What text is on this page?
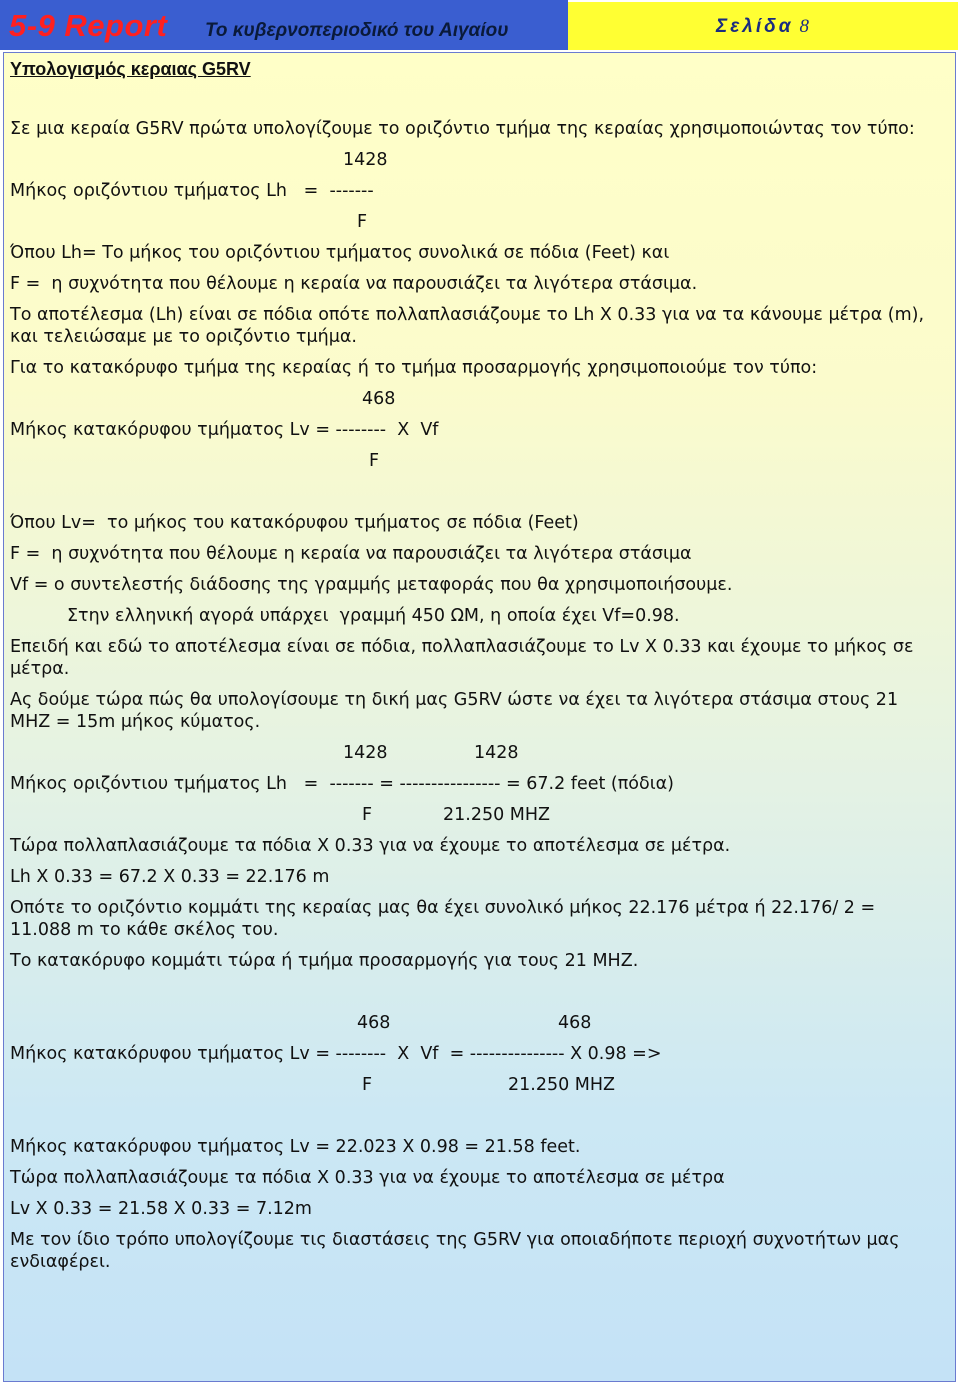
5-9 Report Το κυβερνοπεριοδικό του Αιγαίου	Σελίδα 8
Υπολογισμός κεραιας G5RV
Σε μια κεραία G5RV πρώτα υπολογίζουμε το οριζόντιο τμήμα της κεραίας χρησιμοποιώντας τον τύπο:
1428
Μήκος οριζόντιου τμήματος Lh   =  -------
F
Όπου Lh= Το μήκος του οριζόντιου τμήματος συνολικά σε πόδια (Feet) και
F =  η συχνότητα που θέλουμε η κεραία να παρουσιάζει τα λιγότερα στάσιμα.
Το αποτέλεσμα (Lh) είναι σε πόδια οπότε πολλαπλασιάζουμε το Lh X 0.33 για να τα κάνουμε μέτρα (m), και τελειώσαμε με το οριζόντιο τμήμα.
Για το κατακόρυφο τμήμα της κεραίας ή το τμήμα προσαρμογής χρησιμοποιούμε τον τύπο:
468
Μήκος κατακόρυφου τμήματος Lv = --------  X  Vf
F
Όπου Lv=  το μήκος του κατακόρυφου τμήματος σε πόδια (Feet)
F =  η συχνότητα που θέλουμε η κεραία να παρουσιάζει τα λιγότερα στάσιμα
Vf = ο συντελεστής διάδοσης της γραμμής μεταφοράς που θα χρησιμοποιήσουμε.
Στην ελληνική αγορά υπάρχει  γραμμή 450 ΩΜ, η οποία έχει Vf=0.98.
Επειδή και εδώ το αποτέλεσμα είναι σε πόδια, πολλαπλασιάζουμε το Lv X 0.33 και έχουμε το μήκος σε μέτρα.
Ας δούμε τώρα πώς θα υπολογίσουμε τη δική μας G5RV ώστε να έχει τα λιγότερα στάσιμα στους 21 MHZ = 15m μήκος κύματος.
1428	1428
Μήκος οριζόντιου τμήματος Lh   =  ------- = ---------------- = 67.2 feet (πόδια)
F	21.250 MHZ
Τώρα πολλαπλασιάζουμε τα πόδια X 0.33 για να έχουμε το αποτέλεσμα σε μέτρα.
Lh X 0.33 = 67.2 X 0.33 = 22.176 m
Οπότε το οριζόντιο κομμάτι της κεραίας μας θα έχει συνολικό μήκος 22.176 μέτρα ή 22.176/ 2 = 11.088 m το κάθε σκέλος του.
Το κατακόρυφο κομμάτι τώρα ή τμήμα προσαρμογής για τους 21 MHZ.
468	468
Μήκος κατακόρυφου τμήματος Lv = --------  X  Vf  = --------------- X 0.98 =>
F	21.250 MHZ
Μήκος κατακόρυφου τμήματος Lv = 22.023 X 0.98 = 21.58 feet.
Τώρα πολλαπλασιάζουμε τα πόδια X 0.33 για να έχουμε το αποτέλεσμα σε μέτρα
Lv X 0.33 = 21.58 X 0.33 = 7.12m
Με τον ίδιο τρόπο υπολογίζουμε τις διαστάσεις της G5RV για οποιαδήποτε περιοχή συχνοτήτων μας ενδιαφέρει.
